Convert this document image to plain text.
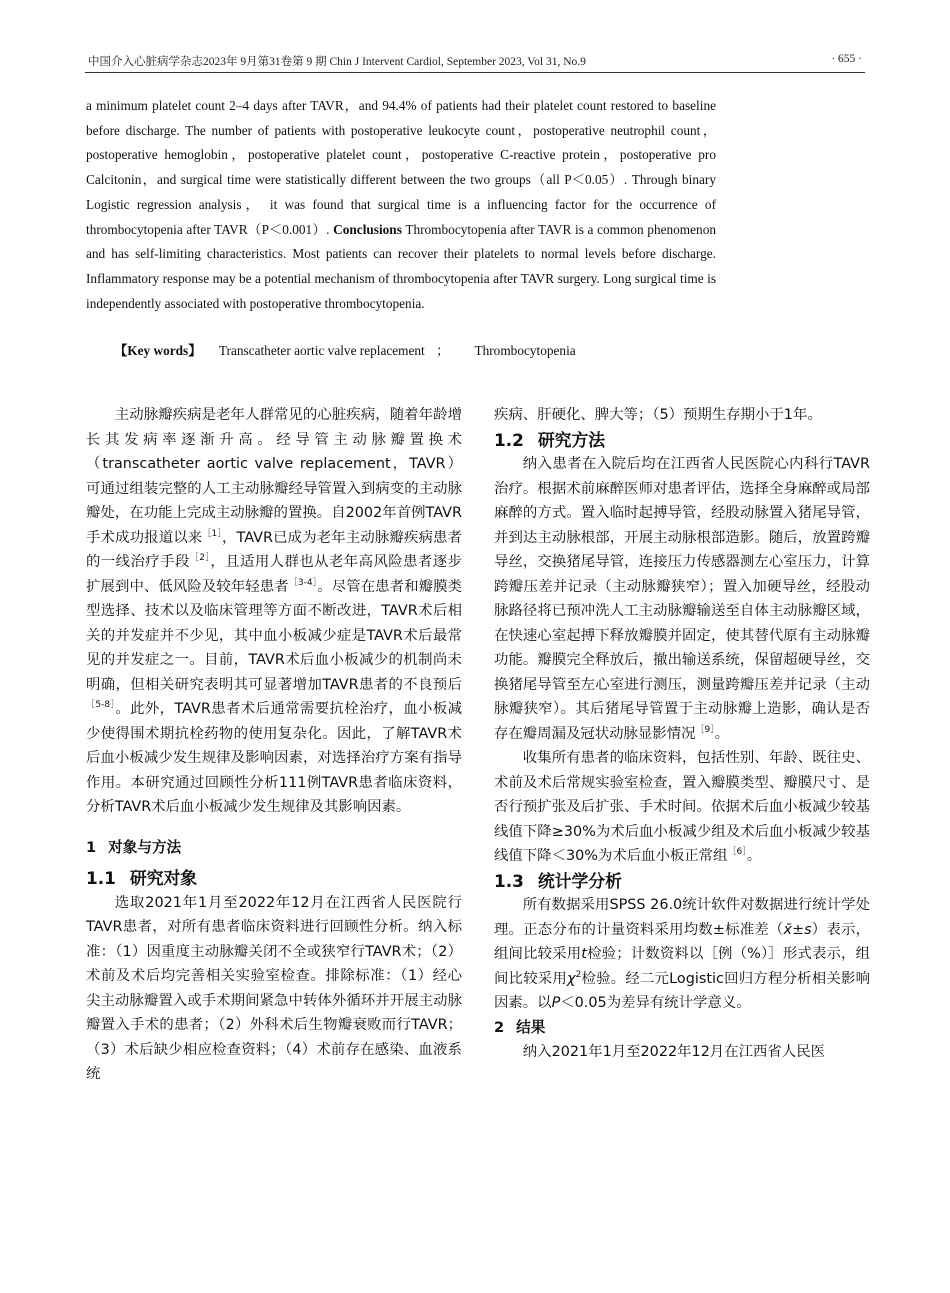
中国介入心脏病学杂志2023年 9月第31卷第 9 期 Chin J Intervent Cardiol, September 2023, Vol 31, No.9	· 655 ·

a minimum platelet count 2–4 days after TAVR，and 94.4% of patients had their platelet count restored to baseline before discharge. The number of patients with postoperative leukocyte count，postoperative neutrophil count，postoperative hemoglobin，postoperative platelet count，postoperative C-reactive protein，postoperative pro Calcitonin，and surgical time were statistically different between the two groups（all P＜0.05）. Through binary Logistic regression analysis， it was found that surgical time is a influencing factor for the occurrence of thrombocytopenia after TAVR（P＜0.001）. Conclusions Thrombocytopenia after TAVR is a common phenomenon and has self-limiting characteristics. Most patients can recover their platelets to normal levels before discharge. Inflammatory response may be a potential mechanism of thrombocytopenia after TAVR surgery. Long surgical time is independently associated with postoperative thrombocytopenia.

【Key words】 Transcatheter aortic valve replacement ； Thrombocytopenia

主动脉瓣疾病是老年人群常见的心脏疾病，随着年龄增长其发病率逐渐升高。经导管主动脉瓣置换术（transcatheter aortic valve replacement，TAVR）可通过组装完整的人工主动脉瓣经导管置入到病变的主动脉瓣处，在功能上完成主动脉瓣的置换。自2002年首例TAVR手术成功报道以来$^{[1]}$，TAVR已成为老年主动脉瓣疾病患者的一线治疗手段$^{[2]}$，且适用人群也从老年高风险患者逐步扩展到中、低风险及较年轻患者$^{[3-4]}$。尽管在患者和瓣膜类型选择、技术以及临床管理等方面不断改进，TAVR术后相关的并发症并不少见，其中血小板减少症是TAVR术后最常见的并发症之一。目前，TAVR术后血小板减少的机制尚未明确，但相关研究表明其可显著增加TAVR患者的不良预后$^{[5-8]}$。此外，TAVR患者术后通常需要抗栓治疗，血小板减少使得围术期抗栓药物的使用复杂化。因此，了解TAVR术后血小板减少发生规律及影响因素，对选择治疗方案有指导作用。本研究通过回顾性分析111例TAVR患者临床资料，分析TAVR术后血小板减少发生规律及其影响因素。

1 对象与方法
1.1 研究对象

选取2021年1月至2022年12月在江西省人民医院行TAVR患者，对所有患者临床资料进行回顾性分析。纳入标准：（1）因重度主动脉瓣关闭不全或狭窄行TAVR术；（2）术前及术后均完善相关实验室检查。排除标准：（1）经心尖主动脉瓣置入或手术期间紧急中转体外循环并开展主动脉瓣置入手术的患者；（2）外科术后生物瓣衰败而行TAVR；（3）术后缺少相应检查资料；（4）术前存在感染、血液系统

疾病、肝硬化、脾大等；（5）预期生存期小于1年。

1.2 研究方法

纳入患者在入院后均在江西省人民医院心内科行TAVR治疗。根据术前麻醉医师对患者评估，选择全身麻醉或局部麻醉的方式。置入临时起搏导管，经股动脉置入猪尾导管，并到达主动脉根部，开展主动脉根部造影。随后，放置跨瓣导丝，交换猪尾导管，连接压力传感器测左心室压力，计算跨瓣压差并记录（主动脉瓣狭窄）；置入加硬导丝，经股动脉路径将已预冲洗人工主动脉瓣输送至自体主动脉瓣区域，在快速心室起搏下释放瓣膜并固定，使其替代原有主动脉瓣功能。瓣膜完全释放后，撤出输送系统，保留超硬导丝，交换猪尾导管至左心室进行测压，测量跨瓣压差并记录（主动脉瓣狭窄）。其后猪尾导管置于主动脉瓣上造影，确认是否存在瓣周漏及冠状动脉显影情况$^{[9]}$。

收集所有患者的临床资料，包括性别、年龄、既往史、术前及术后常规实验室检查，置入瓣膜类型、瓣膜尺寸、是否行预扩张及后扩张、手术时间。依据术后血小板减少较基线值下降≥30%为术后血小板减少组及术后血小板减少较基线值下降＜30%为术后血小板正常组$^{[6]}$。

1.3 统计学分析

所有数据采用SPSS 26.0统计软件对数据进行统计学处理。正态分布的计量资料采用均数±标准差（x̄±s）表示，组间比较采用t检验；计数资料以［例（%）］形式表示，组间比较采用$\chi^2$检验。经二元Logistic回归方程分析相关影响因素。以P＜0.05为差异有统计学意义。

2 结果

纳入2021年1月至2022年12月在江西省人民医
